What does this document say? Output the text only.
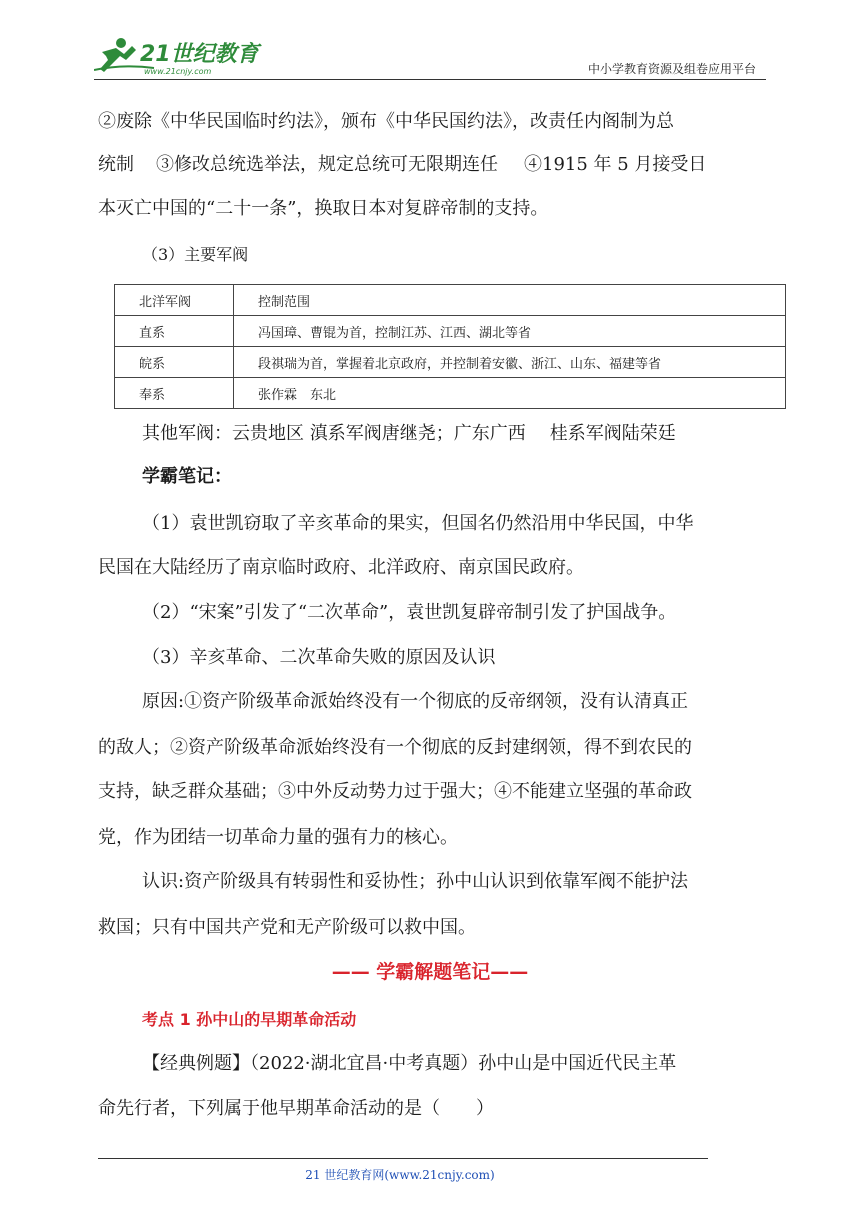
21世纪教育
www.21cnjy.com	中小学教育资源及组卷应用平台
②废除《中华民国临时约法》，颁布《中华民国约法》，改责任内阁制为总
统制 ③修改总统选举法，规定总统可无限期连任 ④1915 年 5 月接受日
本灭亡中国的“二十一条”，换取日本对复辟帝制的支持。
（3）主要军阀
北洋军阀	控制范围
直系	冯国璋、曹锟为首，控制江苏、江西、湖北等省
皖系	段祺瑞为首，掌握着北京政府，并控制着安徽、浙江、山东、福建等省
奉系	张作霖　东北
其他军阀：云贵地区 滇系军阀唐继尧；广东广西 桂系军阀陆荣廷
学霸笔记：
（1）袁世凯窃取了辛亥革命的果实，但国名仍然沿用中华民国，中华
民国在大陆经历了南京临时政府、北洋政府、南京国民政府。
（2）“宋案”引发了“二次革命”，袁世凯复辟帝制引发了护国战争。
（3）辛亥革命、二次革命失败的原因及认识
原因:①资产阶级革命派始终没有一个彻底的反帝纲领，没有认清真正
的敌人；②资产阶级革命派始终没有一个彻底的反封建纲领，得不到农民的
支持，缺乏群众基础；③中外反动势力过于强大；④不能建立坚强的革命政
党，作为团结一切革命力量的强有力的核心。
认识:资产阶级具有转弱性和妥协性；孙中山认识到依靠军阀不能护法
救国；只有中国共产党和无产阶级可以救中国。
—— 学霸解题笔记——
考点 1 孙中山的早期革命活动
【经典例题】（2022·湖北宜昌·中考真题）孙中山是中国近代民主革
命先行者，下列属于他早期革命活动的是（　　）
21 世纪教育网(www.21cnjy.com)
